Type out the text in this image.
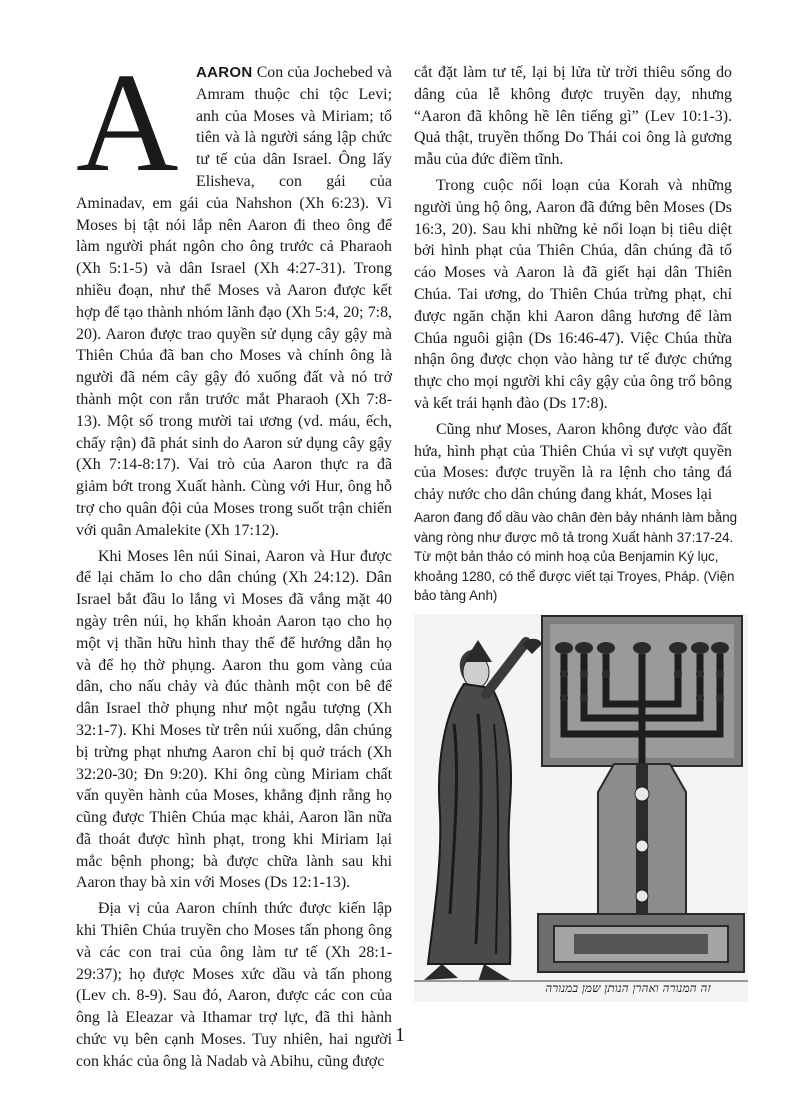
A	AARON Con của Jochebed và Amram thuộc chi tộc Levi; anh của Moses và Miriam; tổ tiên và là người sáng lập chức tư tế của dân Israel. Ông lấy Elisheva, con gái của Aminadav, em gái của Nahshon (Xh 6:23). Vì Moses bị tật nói lắp nên Aaron đi theo ông để làm người phát ngôn cho ông trước cả Pharaoh (Xh 5:1-5) và dân Israel (Xh 4:27-31). Trong nhiều đoạn, như thể Moses và Aaron được kết hợp để tạo thành nhóm lãnh đạo (Xh 5:4, 20; 7:8, 20). Aaron được trao quyền sử dụng cây gậy mà Thiên Chúa đã ban cho Moses và chính ông là người đã ném cây gậy đó xuống đất và nó trở thành một con rắn trước mắt Pharaoh (Xh 7:8-13). Một số trong mười tai ương (vd. máu, ếch, chấy rận) đã phát sinh do Aaron sử dụng cây gậy (Xh 7:14-8:17). Vai trò của Aaron thực ra đã giảm bớt trong Xuất hành. Cùng với Hur, ông hỗ trợ cho quân đội của Moses trong suốt trận chiến với quân Amalekite (Xh 17:12).

Khi Moses lên núi Sinai, Aaron và Hur được để lại chăm lo cho dân chúng (Xh 24:12). Dân Israel bắt đầu lo lắng vì Moses đã vắng mặt 40 ngày trên núi, họ khẩn khoản Aaron tạo cho họ một vị thần hữu hình thay thế để hướng dẫn họ và để họ thờ phụng. Aaron thu gom vàng của dân, cho nấu chảy và đúc thành một con bê để dân Israel thờ phụng như một ngẫu tượng (Xh 32:1-7). Khi Moses từ trên núi xuống, dân chúng bị trừng phạt nhưng Aaron chỉ bị quở trách (Xh 32:20-30; Đn 9:20). Khi ông cùng Miriam chất vấn quyền hành của Moses, khẳng định rằng họ cũng được Thiên Chúa mạc khải, Aaron lần nữa đã thoát được hình phạt, trong khi Miriam lại mắc bệnh phong; bà được chữa lành sau khi Aaron thay bà xin với Moses (Ds 12:1-13).

Địa vị của Aaron chính thức được kiến lập khi Thiên Chúa truyền cho Moses tấn phong ông và các con trai của ông làm tư tế (Xh 28:1-29:37); họ được Moses xức dầu và tấn phong (Lev ch. 8-9). Sau đó, Aaron, được các con của ông là Eleazar và Ithamar trợ lực, đã thi hành chức vụ bên cạnh Moses. Tuy nhiên, hai người con khác của ông là Nadab và Abihu, cũng được

cắt đặt làm tư tế, lại bị lửa từ trời thiêu sống do dâng của lễ không được truyền dạy, nhưng “Aaron đã không hề lên tiếng gì” (Lev 10:1-3). Quả thật, truyền thống Do Thái coi ông là gương mẫu của đức điềm tĩnh.

Trong cuộc nổi loạn của Korah và những người ủng hộ ông, Aaron đã đứng bên Moses (Ds 16:3, 20). Sau khi những kẻ nổi loạn bị tiêu diệt bởi hình phạt của Thiên Chúa, dân chúng đã tố cáo Moses và Aaron là đã giết hại dân Thiên Chúa. Tai ương, do Thiên Chúa trừng phạt, chỉ được ngăn chặn khi Aaron dâng hương để làm Chúa nguôi giận (Ds 16:46-47). Việc Chúa thừa nhận ông được chọn vào hàng tư tế được chứng thực cho mọi người khi cây gậy của ông trổ bông và kết trái hạnh đào (Ds 17:8).

Cũng như Moses, Aaron không được vào đất hứa, hình phạt của Thiên Chúa vì sự vượt quyền của Moses: được truyền là ra lệnh cho tảng đá chảy nước cho dân chúng đang khát, Moses lại

Aaron đang đổ dầu vào chân đèn bảy nhánh làm bằng vàng ròng như được mô tả trong Xuất hành 37:17-24. Từ một bản thảo có minh hoạ của Benjamin Ký lục, khoảng 1280, có thể được viết tại Troyes, Pháp. (Viện bảo tàng Anh)
זה המנורה ואהרן הנותן שמן במנורה
1
